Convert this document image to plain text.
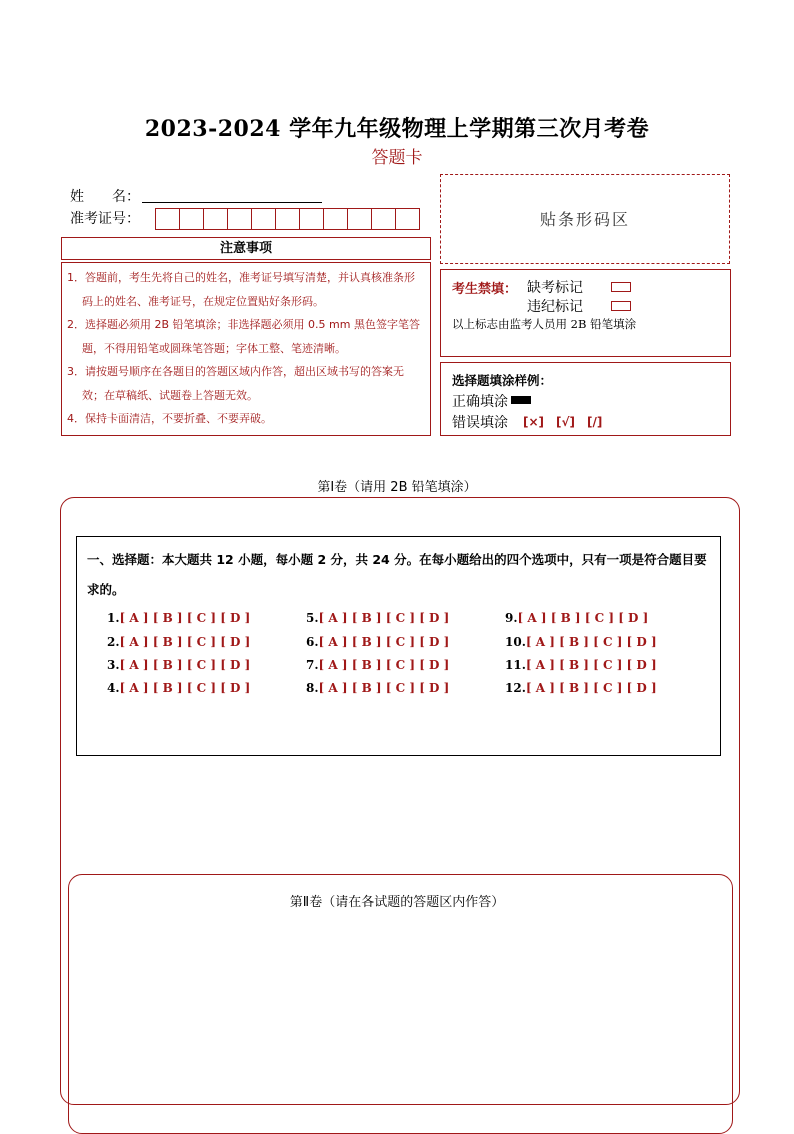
2023-2024 学年九年级物理上学期第三次月考卷
答题卡
姓　　名：
准考证号：	贴条形码区
注意事项
1．答题前，考生先将自己的姓名，准考证号填写清楚，并认真核准条形码上的姓名、准考证号，在规定位置贴好条形码。
2．选择题必须用 2B 铅笔填涂；非选择题必须用 0.5 mm 黑色签字笔答题，不得用铅笔或圆珠笔答题；字体工整、笔迹清晰。
3．请按题号顺序在各题目的答题区域内作答，超出区域书写的答案无效；在草稿纸、试题卷上答题无效。
4．保持卡面清洁，不要折叠、不要弄破。
考生禁填： 缺考标记
违纪标记
以上标志由监考人员用 2B 铅笔填涂
选择题填涂样例：
正确填涂
错误填涂 [×]　[√]　[/]
第Ⅰ卷（请用 2B 铅笔填涂）
一、选择题：本大题共 12 小题，每小题 2 分，共 24 分。在每小题给出的四个选项中，只有一项是符合题目要求的。
1.[ A ] [ B ] [ C ] [ D ]
2.[ A ] [ B ] [ C ] [ D ]
3.[ A ] [ B ] [ C ] [ D ]
4.[ A ] [ B ] [ C ] [ D ]
5.[ A ] [ B ] [ C ] [ D ]
6.[ A ] [ B ] [ C ] [ D ]
7.[ A ] [ B ] [ C ] [ D ]
8.[ A ] [ B ] [ C ] [ D ]
9.[ A ] [ B ] [ C ] [ D ]
10.[ A ] [ B ] [ C ] [ D ]
11.[ A ] [ B ] [ C ] [ D ]
12.[ A ] [ B ] [ C ] [ D ]
第Ⅱ卷（请在各试题的答题区内作答）
